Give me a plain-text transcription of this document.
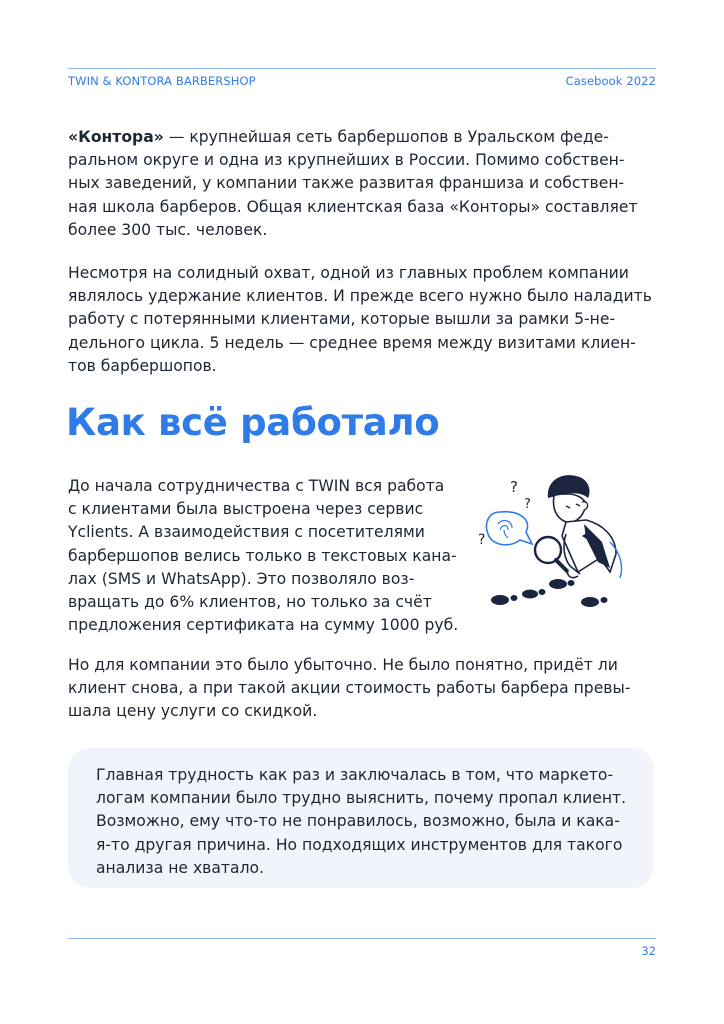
TWIN & KONTORA BARBERSHOP	Casebook 2022

«Контора» — крупнейшая сеть барбершопов в Уральском феде-
ральном округе и одна из крупнейших в России. Помимо собствен-
ных заведений, у компании также развитая франшиза и собствен-
ная школа барберов. Общая клиентская база «Конторы» составляет
более 300 тыс. человек.

Несмотря на солидный охват, одной из главных проблем компании
являлось удержание клиентов. И прежде всего нужно было наладить
работу с потерянными клиентами, которые вышли за рамки 5-не-
дельного цикла. 5 недель — среднее время между визитами клиен-
тов барбершопов.

Как всё работало

До начала сотрудничества с TWIN вся работа
с клиентами была выстроена через сервис
Yclients. А взаимодействия с посетителями
барбершопов велись только в текстовых кана-
лах (SMS и WhatsApp). Это позволяло воз-
вращать до 6% клиентов, но только за счёт
предложения сертификата на сумму 1000 руб.

?
?
?

Но для компании это было убыточно. Не было понятно, придёт ли
клиент снова, а при такой акции стоимость работы барбера превы-
шала цену услуги со скидкой.

Главная трудность как раз и заключалась в том, что маркето-
логам компании было трудно выяснить, почему пропал клиент.
Возможно, ему что-то не понравилось, возможно, была и кака-
я-то другая причина. Но подходящих инструментов для такого
анализа не хватало.

32
